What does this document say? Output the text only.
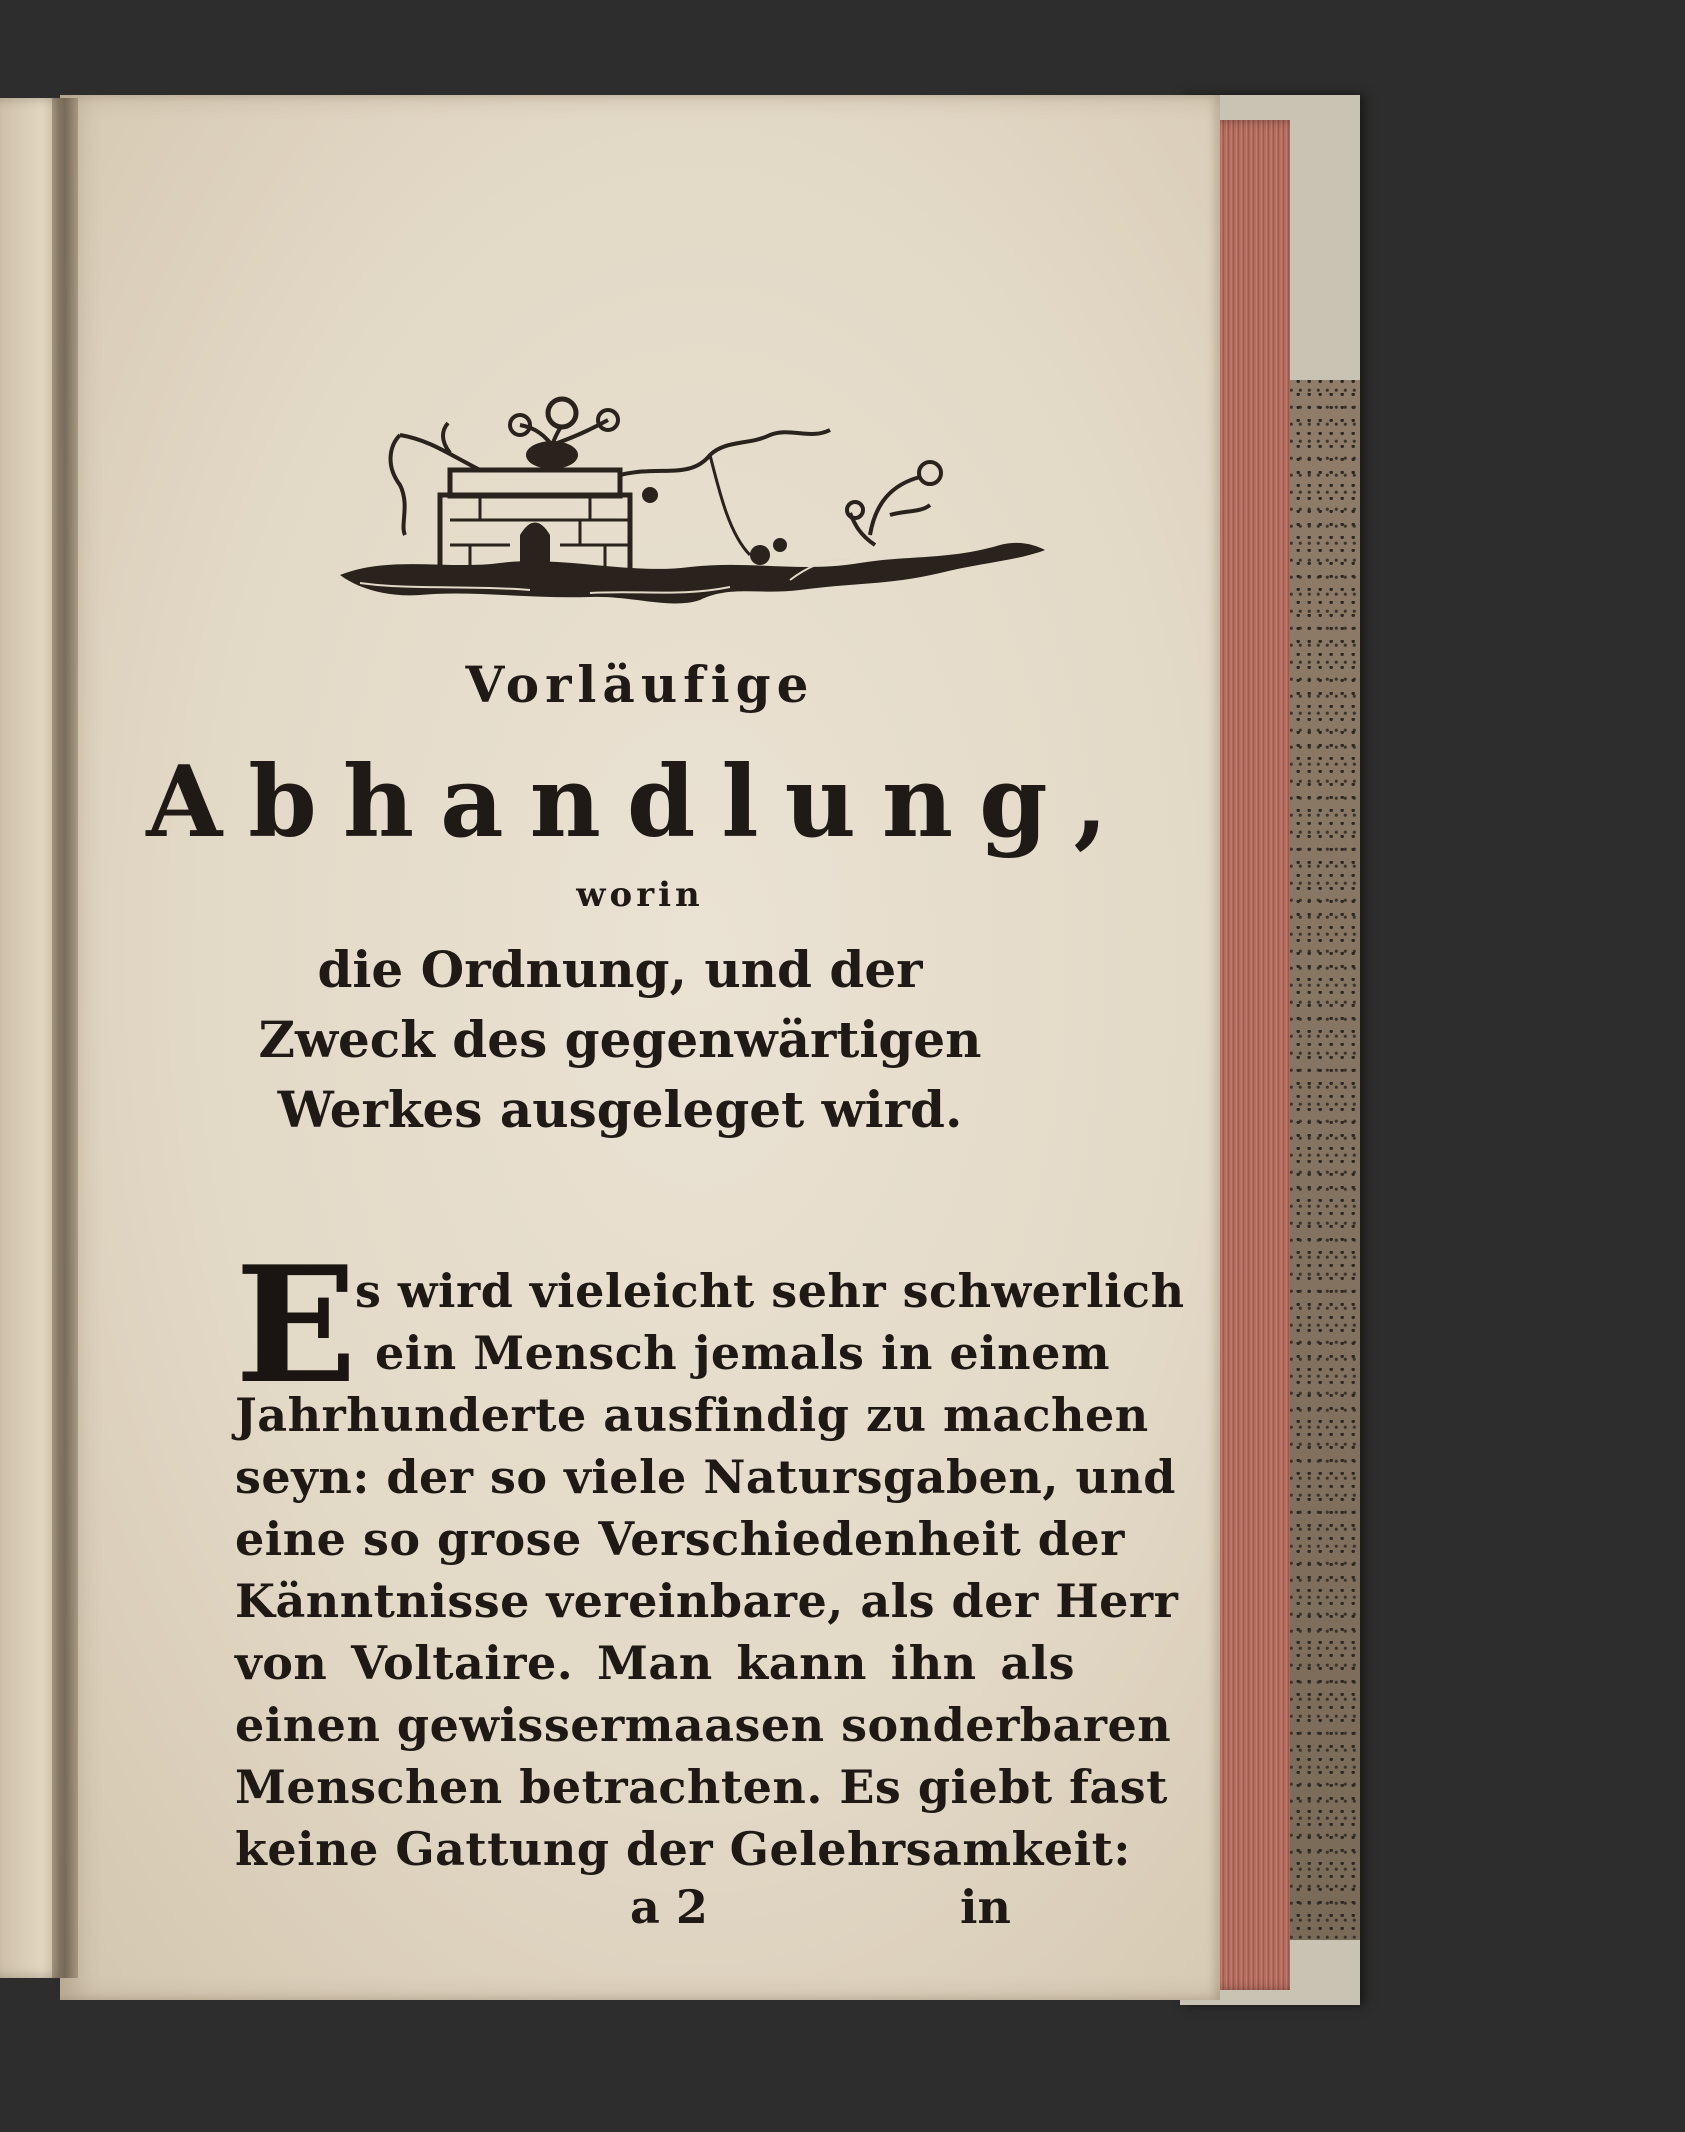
Vorläufige
Abhandlung,
worin
die Ordnung, und der Zweck des gegenwärtigen Werkes ausgeleget wird.
E
s wird vieleicht sehr schwerlich
ein Mensch jemals in einem
Jahrhunderte ausfindig zu machen
seyn: der so viele Natursgaben, und
eine so grose Verschiedenheit der
Känntnisse vereinbare, als der Herr
von Voltaire. Man kann ihn als
einen gewissermaasen sonderbaren
Menschen betrachten. Es giebt fast
keine Gattung der Gelehrsamkeit:
a 2	in
